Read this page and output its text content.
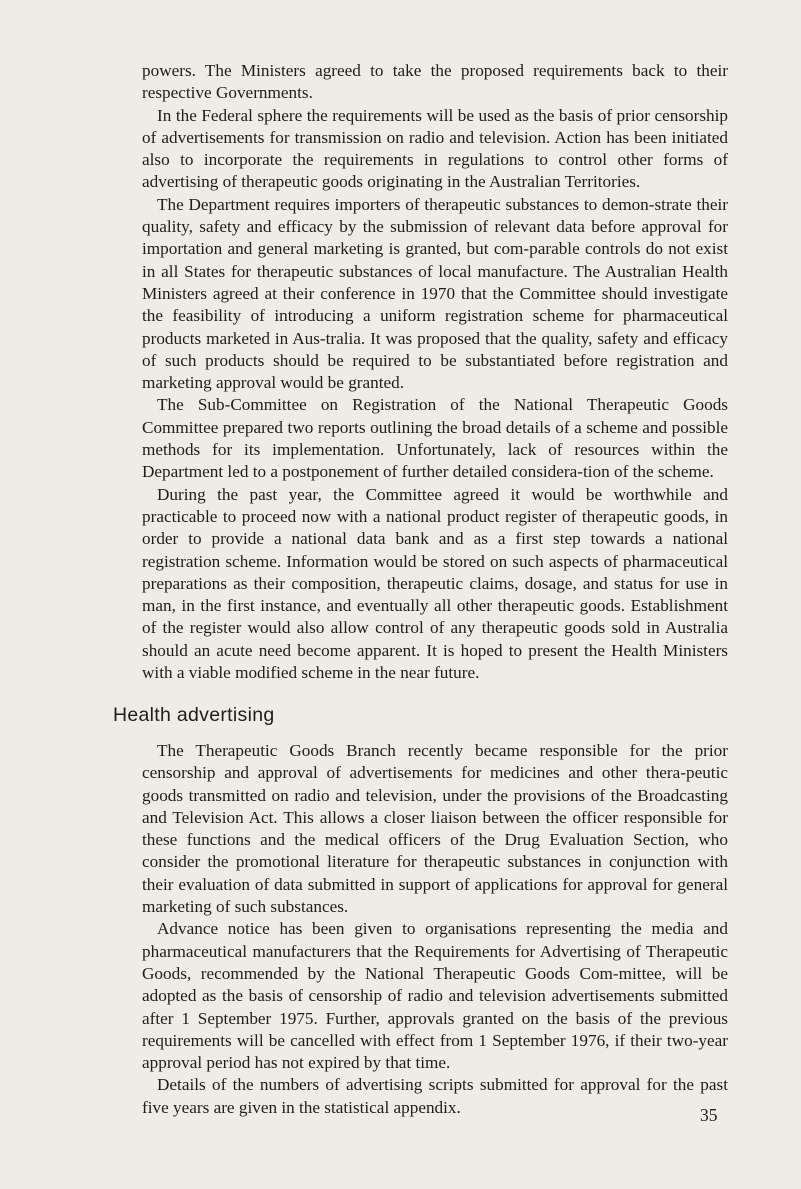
powers. The Ministers agreed to take the proposed requirements back to their respective Governments.

In the Federal sphere the requirements will be used as the basis of prior censorship of advertisements for transmission on radio and television. Action has been initiated also to incorporate the requirements in regulations to control other forms of advertising of therapeutic goods originating in the Australian Territories.

The Department requires importers of therapeutic substances to demon-strate their quality, safety and efficacy by the submission of relevant data before approval for importation and general marketing is granted, but com-parable controls do not exist in all States for therapeutic substances of local manufacture. The Australian Health Ministers agreed at their conference in 1970 that the Committee should investigate the feasibility of introducing a uniform registration scheme for pharmaceutical products marketed in Aus-tralia. It was proposed that the quality, safety and efficacy of such products should be required to be substantiated before registration and marketing approval would be granted.

The Sub-Committee on Registration of the National Therapeutic Goods Committee prepared two reports outlining the broad details of a scheme and possible methods for its implementation. Unfortunately, lack of resources within the Department led to a postponement of further detailed considera-tion of the scheme.

During the past year, the Committee agreed it would be worthwhile and practicable to proceed now with a national product register of therapeutic goods, in order to provide a national data bank and as a first step towards a national registration scheme. Information would be stored on such aspects of pharmaceutical preparations as their composition, therapeutic claims, dosage, and status for use in man, in the first instance, and eventually all other therapeutic goods. Establishment of the register would also allow control of any therapeutic goods sold in Australia should an acute need become apparent. It is hoped to present the Health Ministers with a viable modified scheme in the near future.

Health advertising

The Therapeutic Goods Branch recently became responsible for the prior censorship and approval of advertisements for medicines and other thera-peutic goods transmitted on radio and television, under the provisions of the Broadcasting and Television Act. This allows a closer liaison between the officer responsible for these functions and the medical officers of the Drug Evaluation Section, who consider the promotional literature for therapeutic substances in conjunction with their evaluation of data submitted in support of applications for approval for general marketing of such substances.

Advance notice has been given to organisations representing the media and pharmaceutical manufacturers that the Requirements for Advertising of Therapeutic Goods, recommended by the National Therapeutic Goods Com-mittee, will be adopted as the basis of censorship of radio and television advertisements submitted after 1 September 1975. Further, approvals granted on the basis of the previous requirements will be cancelled with effect from 1 September 1976, if their two-year approval period has not expired by that time.

Details of the numbers of advertising scripts submitted for approval for the past five years are given in the statistical appendix.	35
